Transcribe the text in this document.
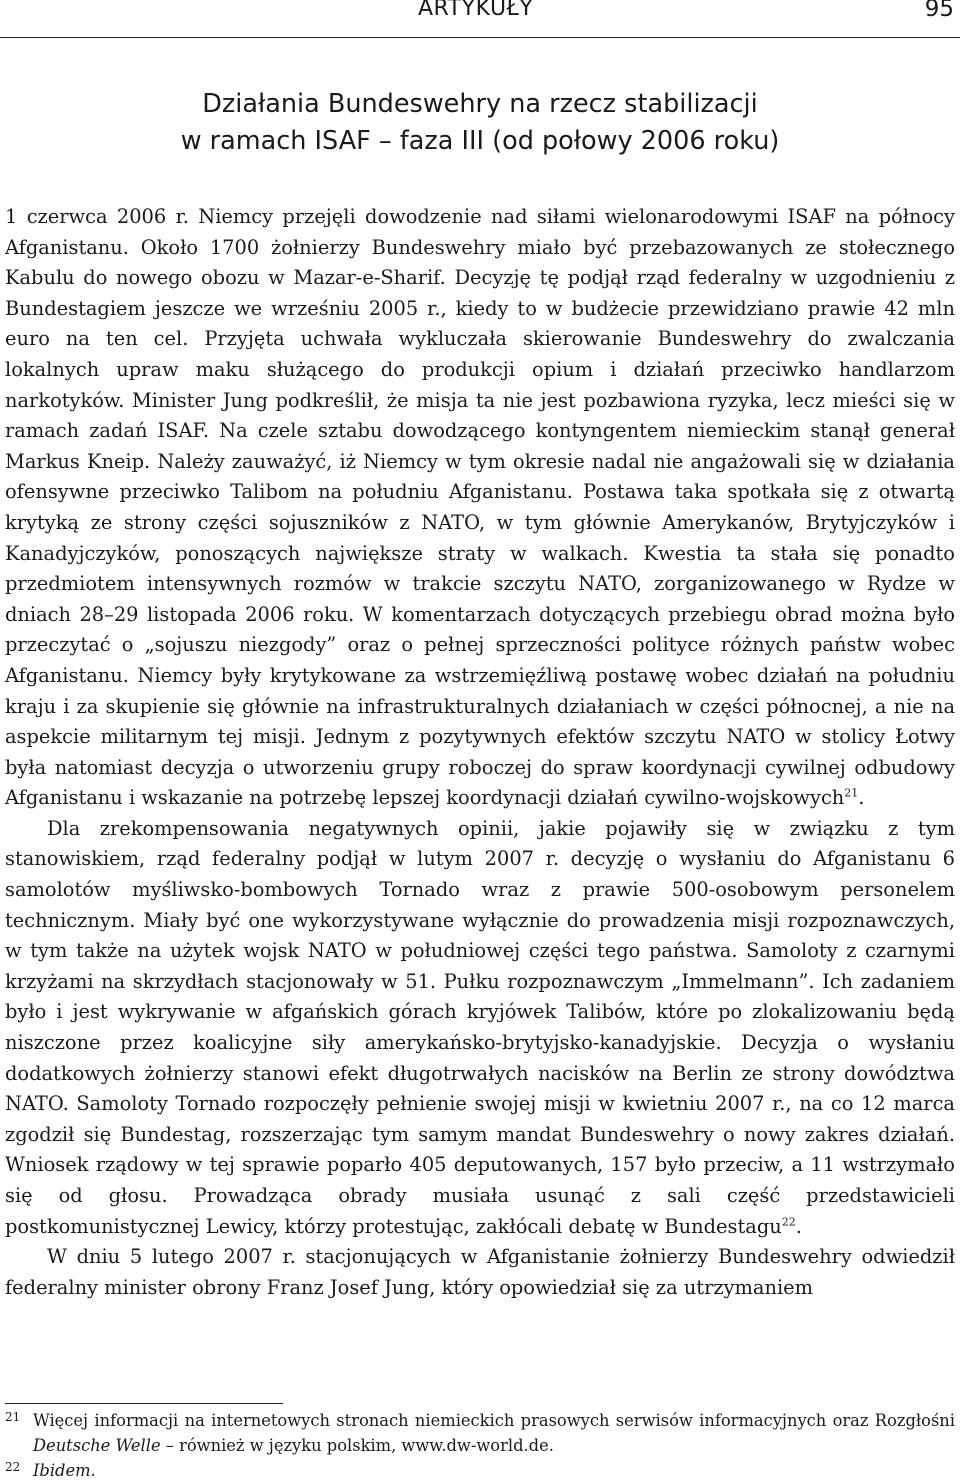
ARTYKUŁY	95
Działania Bundeswehry na rzecz stabilizacji
w ramach ISAF – faza III (od połowy 2006 roku)

1 czerwca 2006 r. Niemcy przejęli dowodzenie nad siłami wielonarodowymi ISAF na północy Afganistanu. Około 1700 żołnierzy Bundeswehry miało być przebazowanych ze stołecznego Kabulu do nowego obozu w Mazar-e-Sharif. Decyzję tę podjął rząd federalny w uzgodnieniu z Bundestagiem jeszcze we wrześniu 2005 r., kiedy to w budżecie przewidziano prawie 42 mln euro na ten cel. Przyjęta uchwała wykluczała skierowanie Bundeswehry do zwalczania lokalnych upraw maku służącego do produkcji opium i działań przeciwko handlarzom narkotyków. Minister Jung podkreślił, że misja ta nie jest pozbawiona ryzyka, lecz mieści się w ramach zadań ISAF. Na czele sztabu dowodzącego kontyngentem niemieckim stanął generał Markus Kneip. Należy zauważyć, iż Niemcy w tym okresie nadal nie angażowali się w działania ofensywne przeciwko Talibom na południu Afganistanu. Postawa taka spotkała się z otwartą krytyką ze strony części sojuszników z NATO, w tym głównie Amerykanów, Brytyjczyków i Kanadyjczyków, ponoszących największe straty w walkach. Kwestia ta stała się ponadto przedmiotem intensywnych rozmów w trakcie szczytu NATO, zorganizowanego w Rydze w dniach 28–29 listopada 2006 roku. W komentarzach dotyczących przebiegu obrad można było przeczytać o „sojuszu niezgody” oraz o pełnej sprzeczności polityce różnych państw wobec Afganistanu. Niemcy były krytykowane za wstrzemięźliwą postawę wobec działań na południu kraju i za skupienie się głównie na infrastrukturalnych działaniach w części północnej, a nie na aspekcie militarnym tej misji. Jednym z pozytywnych efektów szczytu NATO w stolicy Łotwy była natomiast decyzja o utworzeniu grupy roboczej do spraw koordynacji cywilnej odbudowy Afganistanu i wskazanie na potrzebę lepszej koordynacji działań cywilno-wojskowych$^{21}$.

Dla zrekompensowania negatywnych opinii, jakie pojawiły się w związku z tym stanowiskiem, rząd federalny podjął w lutym 2007 r. decyzję o wysłaniu do Afganistanu 6 samolotów myśliwsko-bombowych Tornado wraz z prawie 500-osobowym personelem technicznym. Miały być one wykorzystywane wyłącznie do prowadzenia misji rozpoznawczych, w tym także na użytek wojsk NATO w południowej części tego państwa. Samoloty z czarnymi krzyżami na skrzydłach stacjonowały w 51. Pułku rozpoznawczym „Immelmann”. Ich zadaniem było i jest wykrywanie w afgańskich górach kryjówek Talibów, które po zlokalizowaniu będą niszczone przez koalicyjne siły amerykańsko-brytyjsko-kanadyjskie. Decyzja o wysłaniu dodatkowych żołnierzy stanowi efekt długotrwałych nacisków na Berlin ze strony dowództwa NATO. Samoloty Tornado rozpoczęły pełnienie swojej misji w kwietniu 2007 r., na co 12 marca zgodził się Bundestag, rozszerzając tym samym mandat Bundeswehry o nowy zakres działań. Wniosek rządowy w tej sprawie poparło 405 deputowanych, 157 było przeciw, a 11 wstrzymało się od głosu. Prowadząca obrady musiała usunąć z sali część przedstawicieli postkomunistycznej Lewicy, którzy protestując, zakłócali debatę w Bundestagu$^{22}$.

W dniu 5 lutego 2007 r. stacjonujących w Afganistanie żołnierzy Bundeswehry odwiedził federalny minister obrony Franz Josef Jung, który opowiedział się za utrzymaniem

21 Więcej informacji na internetowych stronach niemieckich prasowych serwisów informacyjnych oraz Rozgłośni Deutsche Welle – również w języku polskim, www.dw-world.de.
22 Ibidem.
